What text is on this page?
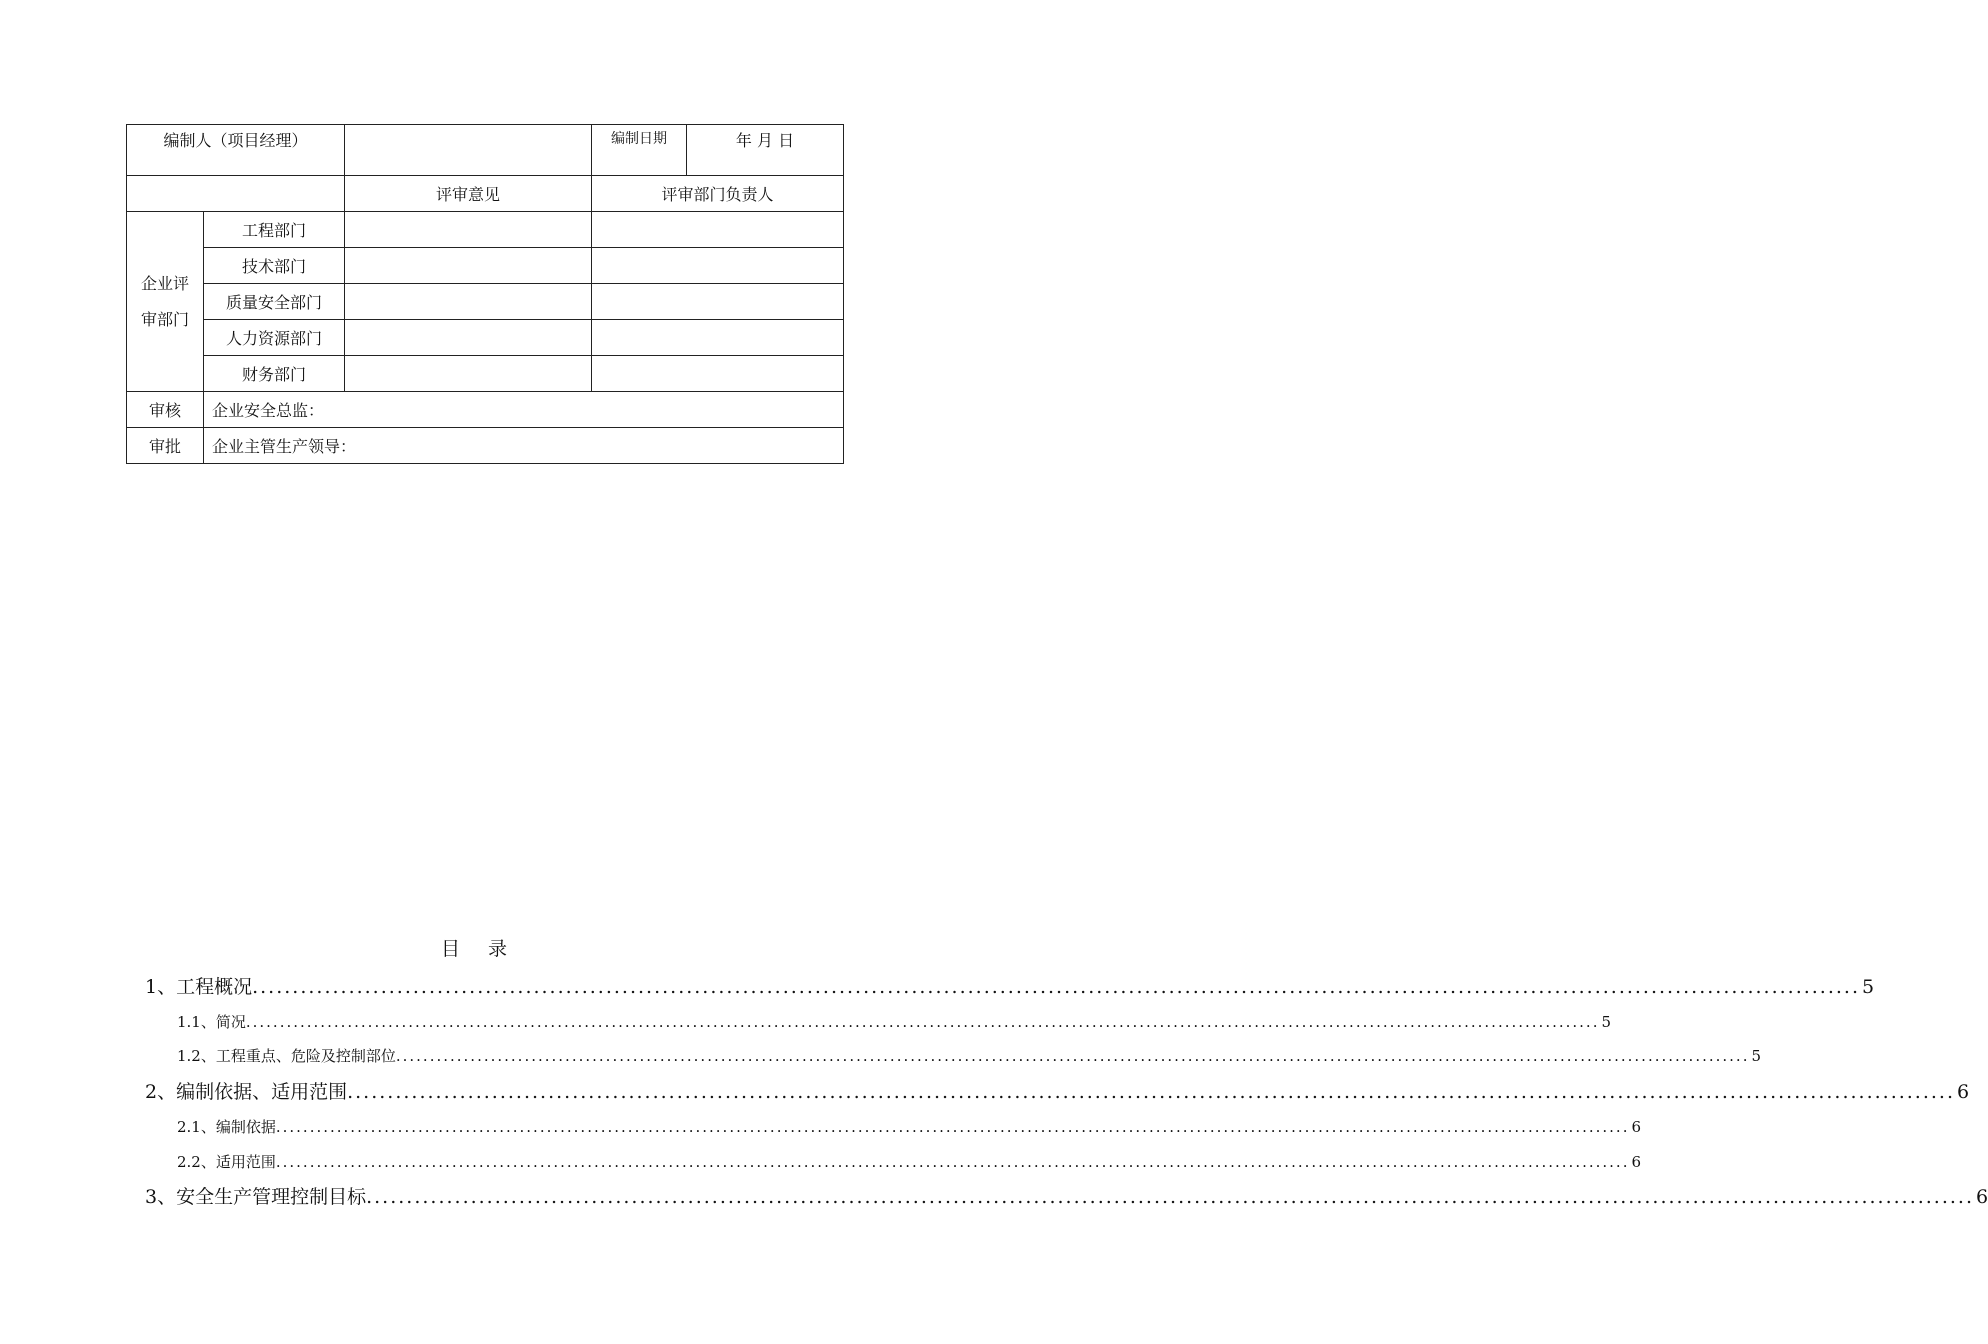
编制人（项目经理）			编制日期	年 月 日
		评审意见	评审部门负责人	
企业评审部门	工程部门			
	技术部门			
	质量安全部门			
	人力资源部门			
	财务部门			
审核	企业安全总监：			
审批	企业主管生产领导：			
目 录
1、工程概况 ........................................................................................................................................................................................................ 5
1.1、简况 ........................................................................................................................................................................................................ 5
1.2、工程重点、危险及控制部位 ........................................................................................................................................................................................................ 5
2、编制依据、适用范围 ........................................................................................................................................................................................................ 6
2.1、编制依据 ........................................................................................................................................................................................................ 6
2.2、适用范围 ........................................................................................................................................................................................................ 6
3、安全生产管理控制目标 ........................................................................................................................................................................................................ 6
